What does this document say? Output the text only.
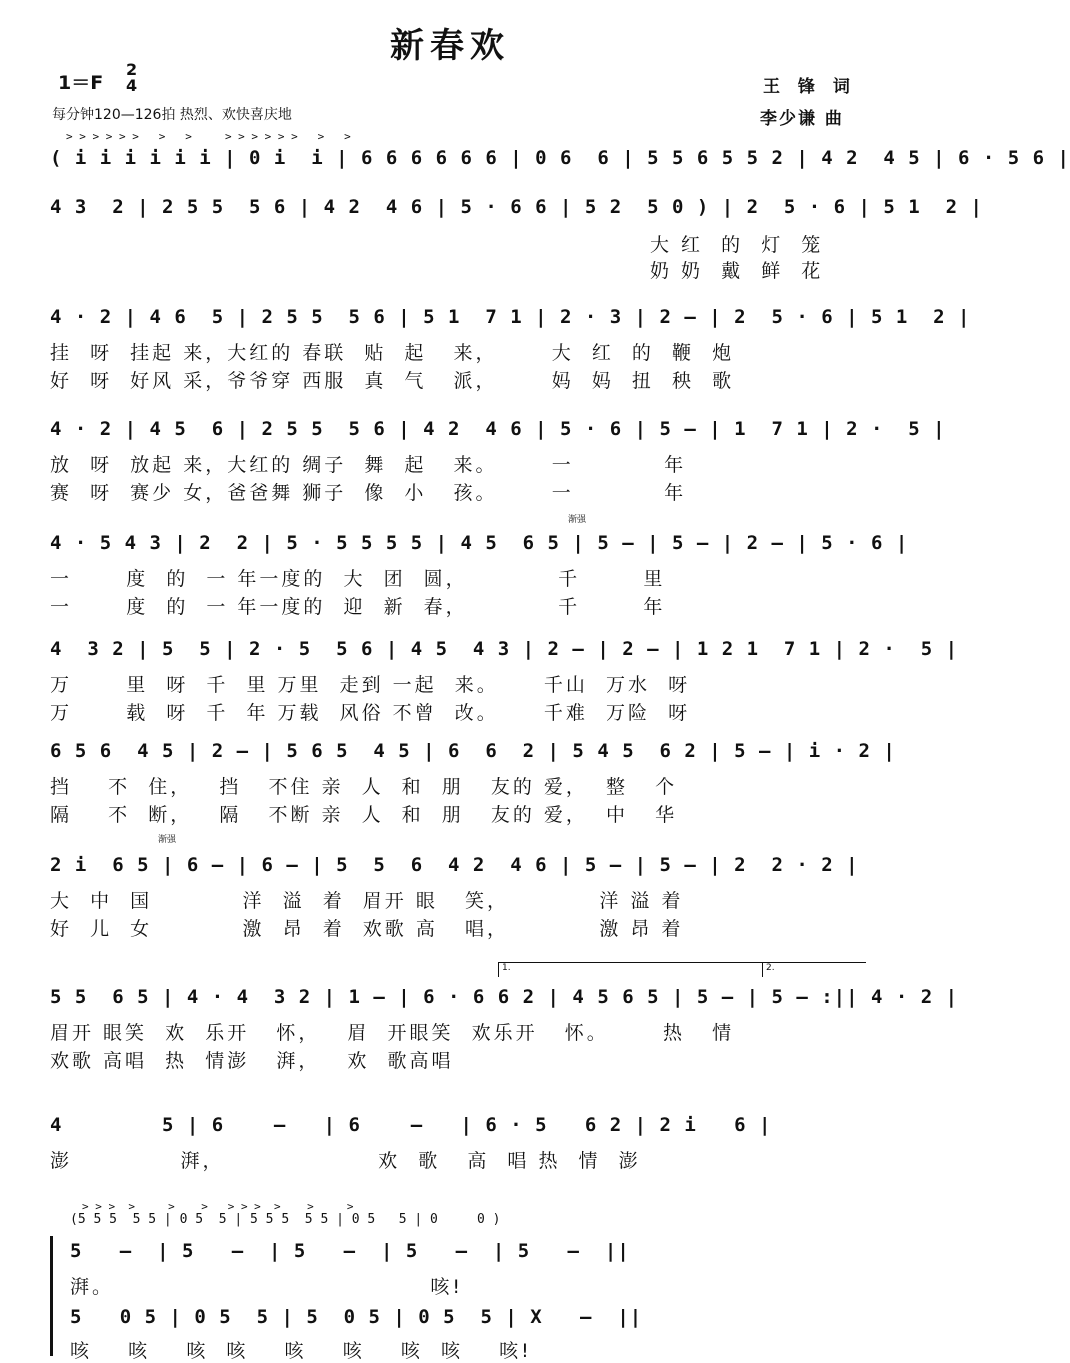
新春欢
1＝F
2
4
每分钟120—126拍 热烈、欢快喜庆地
王 锋 词
李少谦 曲
> > > > > >   >   >     > > > > > >   >   >
( i i i i i i | 0 i  i | 6 6 6 6 6 6 | 0 6  6 | 5 5 6 5 5 2 | 4 2  4 5 | 6 · 5 6 |
4 3  2 | 2 5 5  5 6 | 4 2  4 6 | 5 · 6 6 | 5 2  5 0 ) | 2  5 · 6 | 5 1  2 |
大 红  的  灯  笼
奶 奶  戴  鲜  花
4 · 2 | 4 6  5 | 2 5 5  5 6 | 5 1  7 1 | 2 · 3 | 2 — | 2  5 · 6 | 5 1  2 |
挂  呀  挂起 来，大红的 春联  贴  起   来，      大  红  的  鞭  炮
好  呀  好风 采，爷爷穿 西服  真  气   派，      妈  妈  扭  秧  歌
4 · 2 | 4 5  6 | 2 5 5  5 6 | 4 2  4 6 | 5 · 6 | 5 — | 1  7 1 | 2 ·  5 |
放  呀  放起 来，大红的 绸子  舞  起   来。      一          年
赛  呀  赛少 女，爸爸舞 狮子  像  小   孩。      一          年
渐强
4 · 5 4 3 | 2  2 | 5 · 5 5 5 5 | 4 5  6 5 | 5 — | 5 — | 2 — | 5 · 6 |
一      度  的  一 年一度的  大  团  圆，          千       里
一      度  的  一 年一度的  迎  新  春，          千       年
4  3 2 | 5  5 | 2 · 5  5 6 | 4 5  4 3 | 2 — | 2 — | 1 2 1  7 1 | 2 ·  5 |
万      里  呀  千  里 万里  走到 一起  来。     千山  万水  呀
万      载  呀  千  年 万载  风俗 不曾  改。     千难  万险  呀
6 5 6  4 5 | 2 — | 5 6 5  4 5 | 6  6  2 | 5 4 5  6 2 | 5 — | i · 2 |
挡    不  住，   挡   不住 亲  人  和  朋   友的 爱，  整   个
隔    不  断，   隔   不断 亲  人  和  朋   友的 爱，  中   华
渐强
2 i  6 5 | 6 — | 6 — | 5  5  6  4 2  4 6 | 5 — | 5 — | 2  2 · 2 |
大  中  国          洋  溢  着  眉开 眼   笑，          洋 溢 着
好  儿  女          激  昂  着  欢歌 高   唱，          激 昂 着
1.	2.
5 5  6 5 | 4 · 4  3 2 | 1 — | 6 · 6 6 2 | 4 5 6 5 | 5 — | 5 — :|| 4 · 2 |
眉开 眼笑  欢  乐开   怀，   眉  开眼笑  欢乐开   怀。      热   情
欢歌 高唱  热  情澎   湃，   欢  歌高唱
4        5 | 6    —   | 6    —   | 6 · 5   6 2 | 2 i   6 |
澎            湃，                 欢  歌   高  唱 热  情  澎
> > >  >     >    >   > > >  >    >     >
(5 5 5  5 5 | 0 5  5 | 5 5 5  5 5 | 0 5   5 | 0     0 )
5   —  | 5   —  | 5   —  | 5   —  | 5   —  ||
湃。                                   咳!
5   0 5 | 0 5  5 | 5  0 5 | 0 5  5 | X   —  ||
咳    咳    咳  咳    咳    咳    咳  咳    咳!
